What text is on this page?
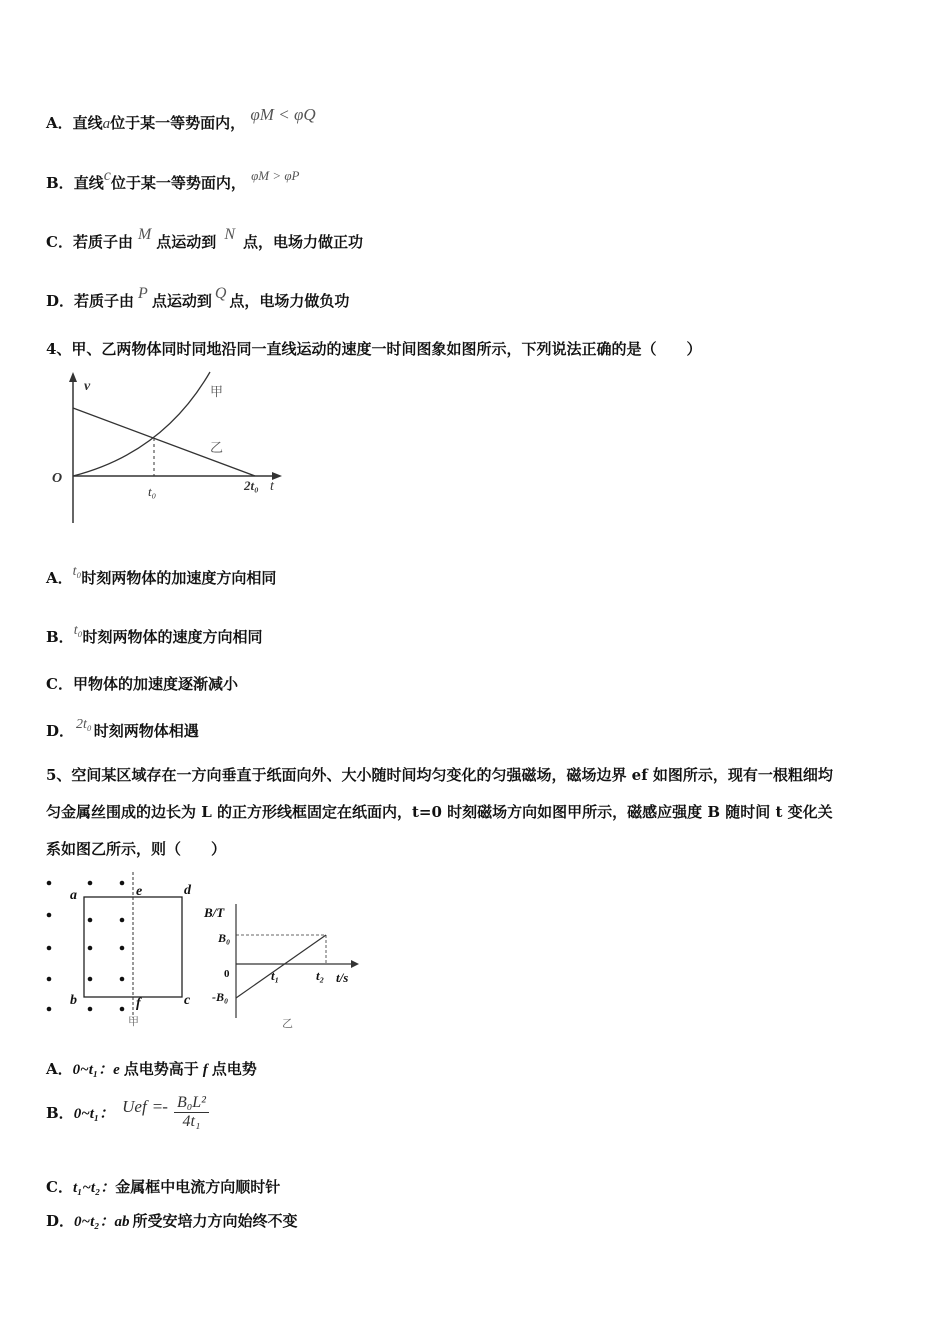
A．直线a位于某一等势面内， φM < φQ
B．直线c位于某一等势面内， φM > φP
C．若质子由 M 点运动到 N 点，电场力做正功
D．若质子由 P 点运动到 Q 点，电场力做负功
4、甲、乙两物体同时同地沿同一直线运动的速度一时间图象如图所示，下列说法正确的是（　　）
v
O
t₀	2t₀ t
甲
乙
A．t₀时刻两物体的加速度方向相同
B．t₀时刻两物体的速度方向相同
C．甲物体的加速度逐渐减小
D． 2t₀ 时刻两物体相遇
5、空间某区域存在一方向垂直于纸面向外、大小随时间均匀变化的匀强磁场，磁场边界 ef 如图所示，现有一根粗细均
匀金属丝围成的边长为 L 的正方形线框固定在纸面内，t=0 时刻磁场方向如图甲所示，磁感应强度 B 随时间 t 变化关
系如图乙所示，则（　　）
a	e	d
b	f	c
甲
B/T
B₀
0
-B₀
t₁	t₂ t/s
乙
A．0~t₁：e 点电势高于 f 点电势
B． 0~t₁： Uef =- $\frac{\text{B₀L²}}{\text{4t₁}}$
C．t₁~t₂：金属框中电流方向顺时针
D．0~t₂：ab 所受安培力方向始终不变
